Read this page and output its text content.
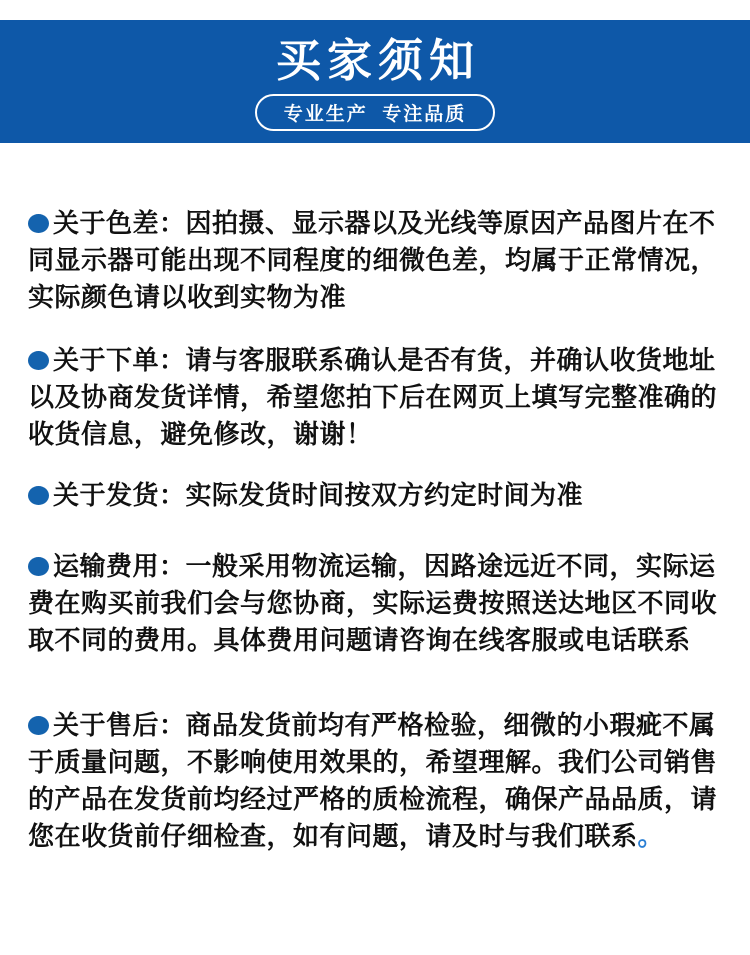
买家须知
专业生产  专注品质

关于色差：因拍摄、显示器以及光线等原因产品图片在不同显示器可能出现不同程度的细微色差，均属于正常情况，实际颜色请以收到实物为准

关于下单：请与客服联系确认是否有货，并确认收货地址以及协商发货详情，希望您拍下后在网页上填写完整准确的收货信息，避免修改，谢谢！

关于发货：实际发货时间按双方约定时间为准

运输费用：一般采用物流运输，因路途远近不同，实际运费在购买前我们会与您协商，实际运费按照送达地区不同收取不同的费用。具体费用问题请咨询在线客服或电话联系

关于售后：商品发货前均有严格检验，细微的小瑕疵不属于质量问题，不影响使用效果的，希望理解。我们公司销售的产品在发货前均经过严格的质检流程，确保产品品质，请您在收货前仔细检查，如有问题，请及时与我们联系。
